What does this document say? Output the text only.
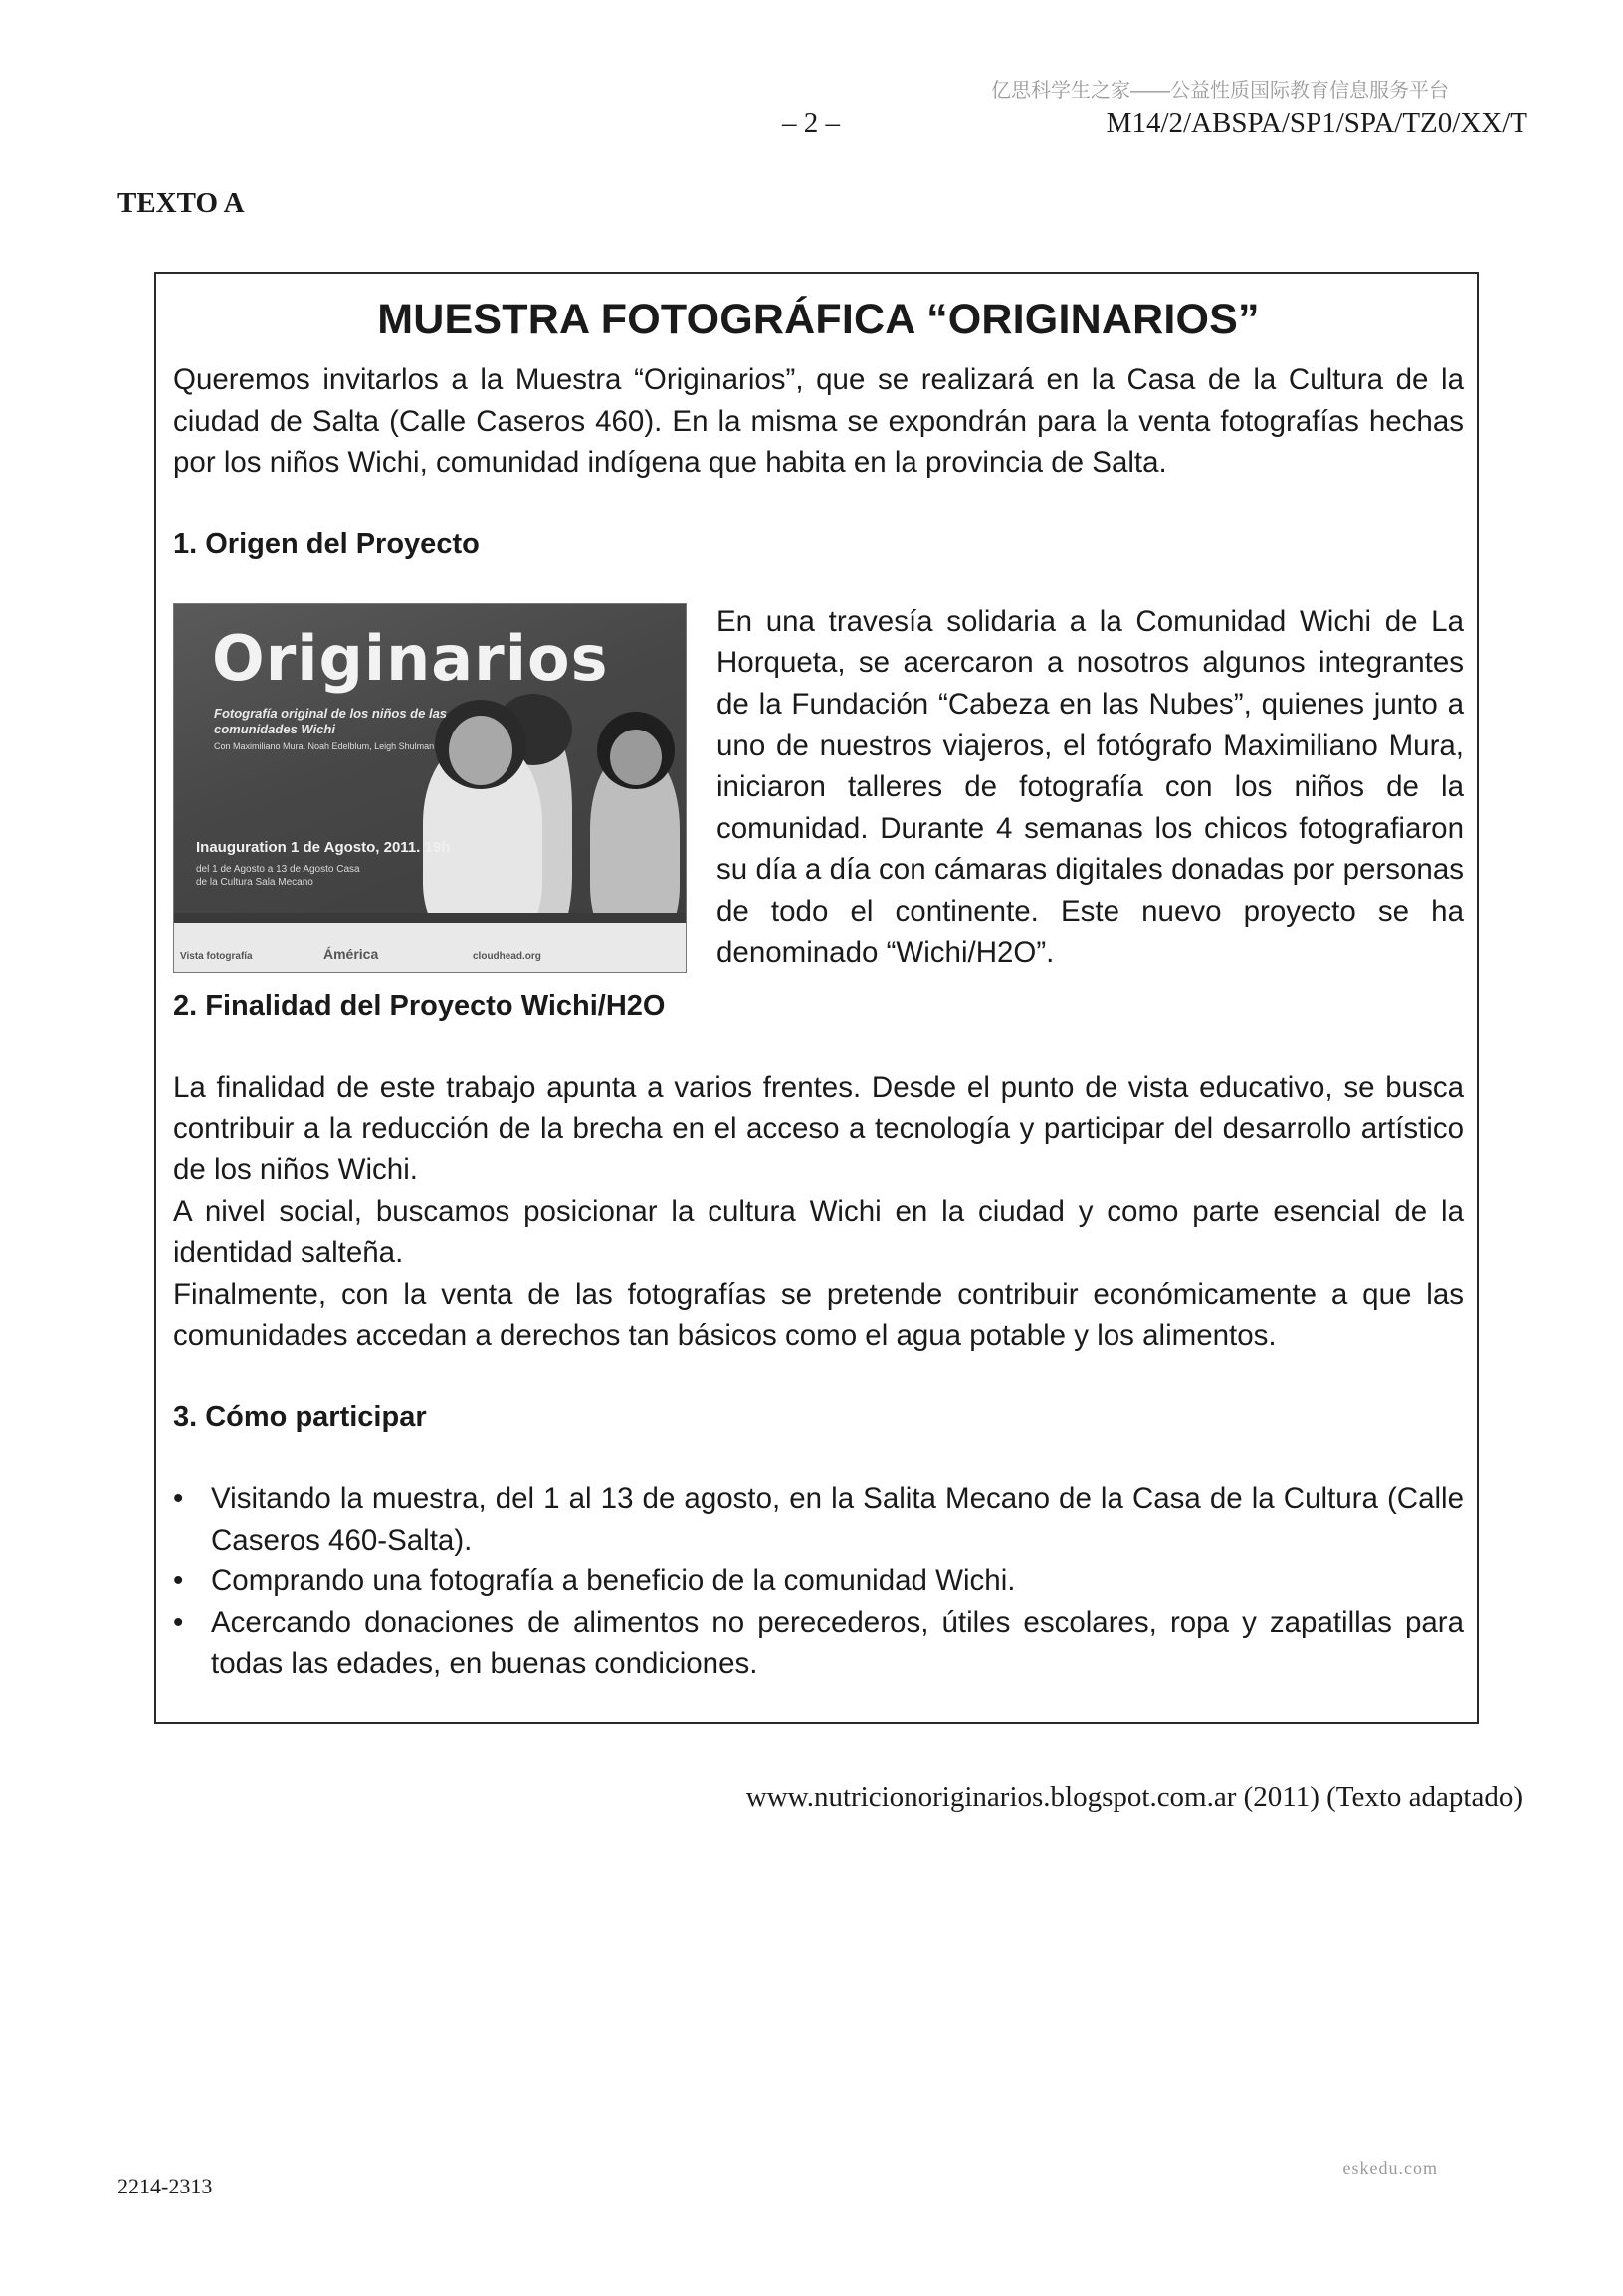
亿思科学生之家——公益性质国际教育信息服务平台
– 2 –	M14/2/ABSPA/SP1/SPA/TZ0/XX/T
TEXTO A
MUESTRA FOTOGRÁFICA “ORIGINARIOS”

Queremos invitarlos a la Muestra “Originarios”, que se realizará en la Casa de la Cultura de la ciudad de Salta (Calle Caseros 460). En la misma se expondrán para la venta fotografías hechas por los niños Wichi, comunidad indígena que habita en la provincia de Salta.

1. Origen del Proyecto
Originarios
Fotografía original de los niños de las comunidades Wichi
Con Maximiliano Mura, Noah Edelblum, Leigh Shulman
Inauguration 1 de Agosto, 2011. 19h
del 1 de Agosto a 13 de Agosto Casa de la Cultura Sala Mecano
Vista fotografía	Ámérica	cloudhead.org

En una travesía solidaria a la Comunidad Wichi de La Horqueta, se acercaron a nosotros algunos integrantes de la Fundación “Cabeza en las Nubes”, quienes junto a uno de nuestros viajeros, el fotógrafo Maximiliano Mura, iniciaron talleres de fotografía con los niños de la comunidad. Durante 4 semanas los chicos fotografiaron su día a día con cámaras digitales donadas por personas de todo el continente. Este nuevo proyecto se ha denominado “Wichi/H2O”.

2. Finalidad del Proyecto Wichi/H2O

La finalidad de este trabajo apunta a varios frentes. Desde el punto de vista educativo, se busca contribuir a la reducción de la brecha en el acceso a tecnología y participar del desarrollo artístico de los niños Wichi.

A nivel social, buscamos posicionar la cultura Wichi en la ciudad y como parte esencial de la identidad salteña.

Finalmente, con la venta de las fotografías se pretende contribuir económicamente a que las comunidades accedan a derechos tan básicos como el agua potable y los alimentos.

3. Cómo participar
• Visitando la muestra, del 1 al 13 de agosto, en la Salita Mecano de la Casa de la Cultura (Calle Caseros 460-Salta).
• Comprando una fotografía a beneficio de la comunidad Wichi.
• Acercando donaciones de alimentos no perecederos, útiles escolares, ropa y zapatillas para todas las edades, en buenas condiciones.
www.nutricionoriginarios.blogspot.com.ar (2011) (Texto adaptado)
2214-2313
eskedu.com
